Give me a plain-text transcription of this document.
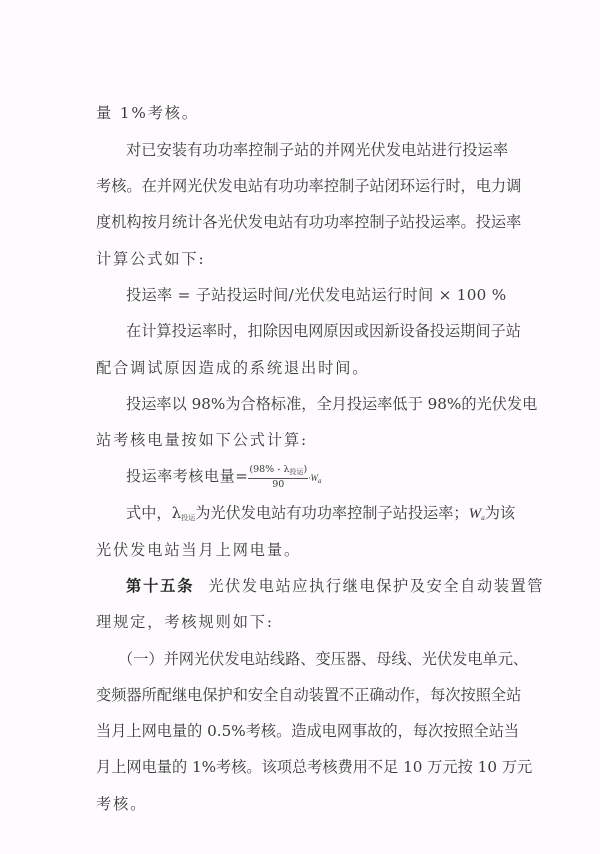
量 1%考核。
对已安装有功功率控制子站的并网光伏发电站进行投运率
考核。在并网光伏发电站有功功率控制子站闭环运行时，电力调
度机构按月统计各光伏发电站有功功率控制子站投运率。投运率
计算公式如下:
投运率 = 子站投运时间/光伏发电站运行时间 × 100 %
在计算投运率时，扣除因电网原因或因新设备投运期间子站
配合调试原因造成的系统退出时间。
投运率以 98%为合格标准，全月投运率低于 98%的光伏发电
站考核电量按如下公式计算:
投运率考核电量= $\frac{(98\% - \lambda_{投运})}{90} \cdot W_a$
式中，$\lambda_{投运}$为光伏发电站有功功率控制子站投运率；$W_a$为该
光伏发电站当月上网电量。
第十五条 光伏发电站应执行继电保护及安全自动装置管
理规定，考核规则如下:
（一）并网光伏发电站线路、变压器、母线、光伏发电单元、
变频器所配继电保护和安全自动装置不正确动作，每次按照全站
当月上网电量的 0.5%考核。造成电网事故的，每次按照全站当
月上网电量的 1%考核。该项总考核费用不足 10 万元按 10 万元
考核。
